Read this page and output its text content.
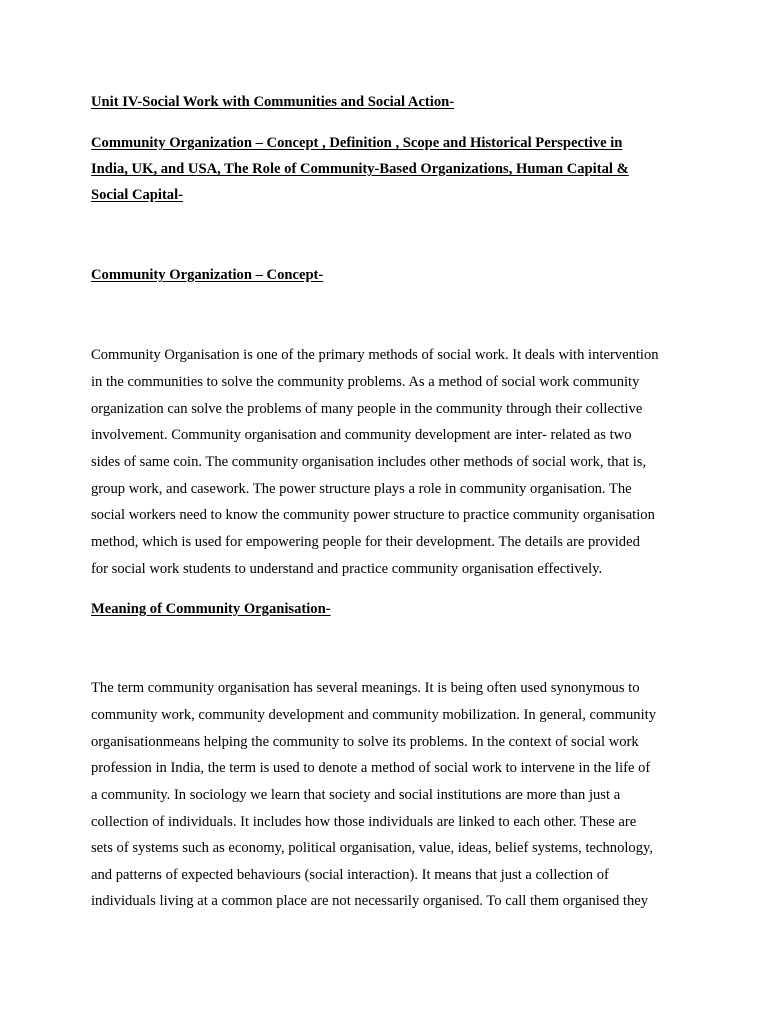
Unit IV-Social Work with Communities and Social Action-
Community Organization – Concept , Definition , Scope and Historical Perspective in
India, UK, and USA, The Role of Community-Based Organizations, Human Capital &
Social Capital-
Community Organization – Concept-
Community Organisation is one of the primary methods of social work. It deals with intervention
in the communities to solve the community problems. As a method of social work community
organization can solve the problems of many people in the community through their collective
involvement. Community organisation and community development are inter- related as two
sides of same coin. The community organisation includes other methods of social work, that is,
group work, and casework. The power structure plays a role in community organisation. The
social workers need to know the community power structure to practice community organisation
method, which is used for empowering people for their development. The details are provided
for social work students to understand and practice community organisation effectively.
Meaning of Community Organisation-
The term community organisation has several meanings. It is being often used synonymous to
community work, community development and community mobilization. In general, community
organisationmeans helping the community to solve its problems. In the context of social work
profession in India, the term is used to denote a method of social work to intervene in the life of
a community. In sociology we learn that society and social institutions are more than just a
collection of individuals. It includes how those individuals are linked to each other. These are
sets of systems such as economy, political organisation, value, ideas, belief systems, technology,
and patterns of expected behaviours (social interaction). It means that just a collection of
individuals living at a common place are not necessarily organised. To call them organised they
